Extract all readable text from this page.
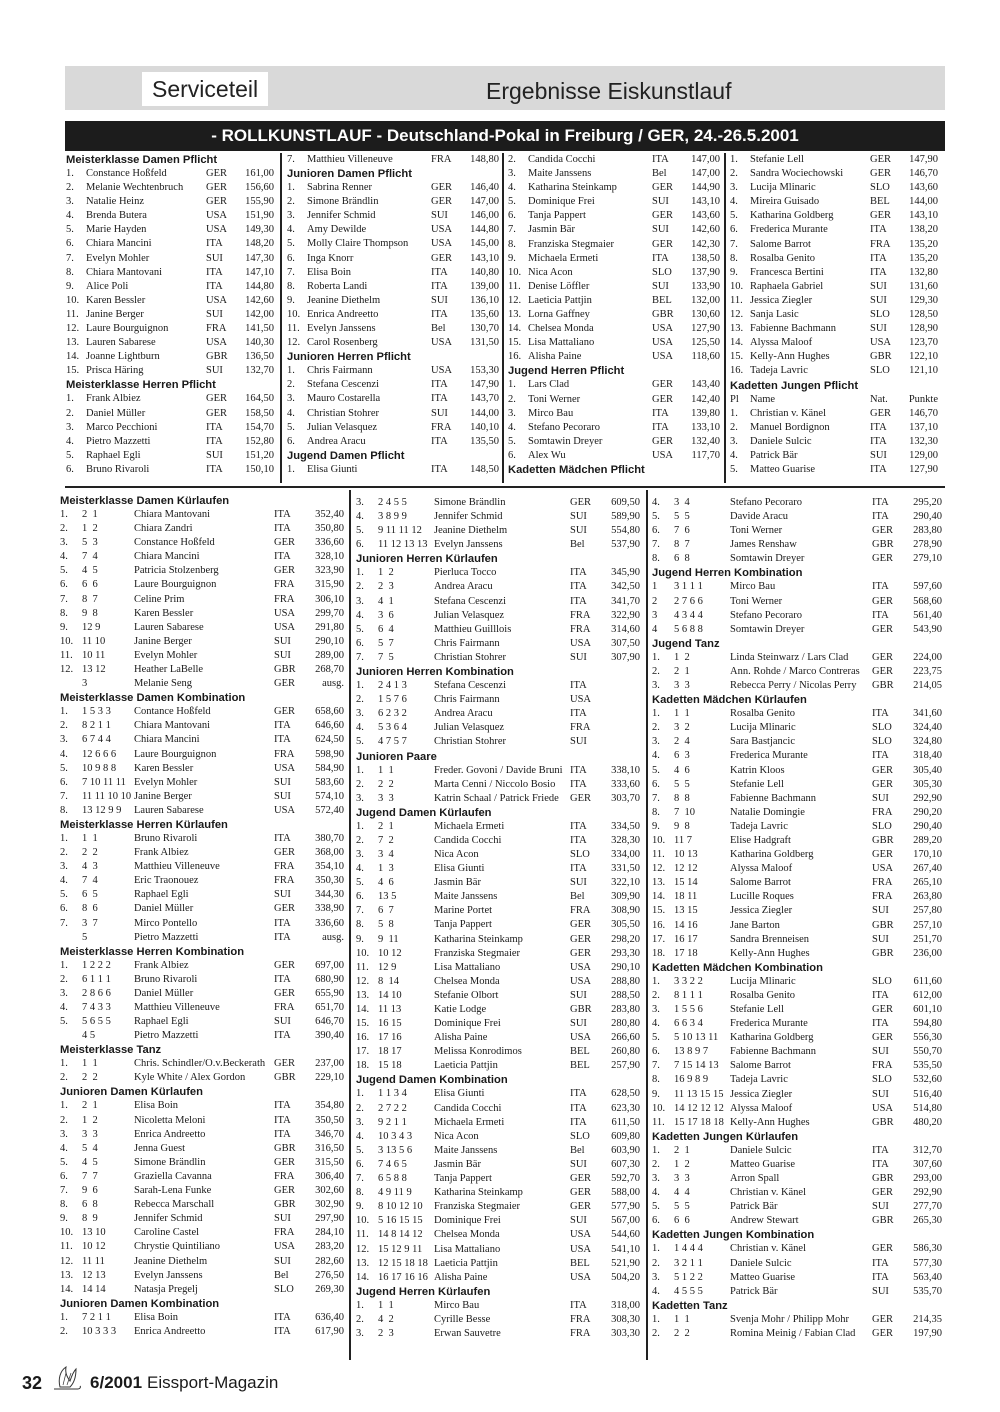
Serviceteil	Ergebnisse Eiskunstlauf
- ROLLKUNSTLAUF - Deutschland-Pokal in Freiburg / GER, 24.-26.5.2001
Meisterklasse Damen Pflicht
1.	Constance Hoßfeld	GER	161,00
2.	Melanie Wechtenbruch	GER	156,60
3.	Natalie Heinz	GER	155,90
4.	Brenda Butera	USA	151,90
5.	Marie Hayden	USA	149,30
6.	Chiara Mancini	ITA	148,20
7.	Evelyn Mohler	SUI	147,30
8.	Chiara Mantovani	ITA	147,10
9.	Alice Poli	ITA	144,80
10. Karen Bessler	USA	142,60
11. Janine Berger	SUI	142,00
12. Laure Bourguignon	FRA	141,50
13. Lauren Sabarese	USA	140,30
14. Joanne Lightburn	GBR	136,50
15. Prisca Häring	SUI	132,70
Meisterklasse Herren Pflicht
1.	Frank Albiez	GER	164,50
2.	Daniel Müller	GER	158,50
3.	Marco Pecchioni	ITA	154,70
4.	Pietro Mazzetti	ITA	152,80
5.	Raphael Egli	SUI	151,20
6.	Bruno Rivaroli	ITA	150,10
7.	Matthieu Villeneuve	FRA	148,80
Junioren Damen Pflicht
1.	Sabrina Renner	GER	146,40
2.	Simone Brändlin	GER	147,00
3.	Jennifer Schmid	SUI	146,00
4.	Amy Dewilde	USA	144,80
5.	Molly Claire Thompson	USA	145,00
6.	Inga Knorr	GER	143,10
7.	Elisa Boin	ITA	140,80
8.	Roberta Landi	ITA	139,00
9.	Jeanine Diethelm	SUI	136,10
10. Enrica Andreetto	ITA	135,60
11. Evelyn Janssens	Bel	130,70
12. Carol Rosenberg	USA	131,50
Junioren Herren Pflicht
1.	Chris Fairmann	USA	153,30
2.	Stefana Cescenzi	ITA	147,90
3.	Mauro Costarella	ITA	143,70
4.	Christian Stohrer	SUI	144,00
5.	Julian Velasquez	FRA	140,10
6.	Andrea Aracu	ITA	135,50
Jugend Damen Pflicht
1.	Elisa Giunti	ITA	148,50
2.	Candida Cocchi	ITA	147,00
3.	Maite Janssens	Bel	147,00
4.	Katharina Steinkamp	GER	144,90
5.	Dominique Frei	SUI	143,10
6.	Tanja Pappert	GER	143,60
7.	Jasmin Bär	SUI	142,60
8.	Franziska Stegmaier	GER	142,30
9.	Michaela Ermeti	ITA	138,50
10. Nica Acon	SLO	137,90
11. Denise Löffler	SUI	133,90
12. Laeticia Pattjin	BEL	132,00
13. Lorna Gaffney	GBR	130,60
14. Chelsea Monda	USA	127,90
15. Lisa Mattaliano	USA	125,50
16. Alisha Paine	USA	118,60
Jugend Herren Pflicht
1.	Lars Clad	GER	143,40
2.	Toni Werner	GER	142,40
3.	Mirco Bau	ITA	139,80
4.	Stefano Pecoraro	ITA	133,10
5.	Somtawin Dreyer	GER	132,40
6.	Alex Wu	USA	117,70
Kadetten Mädchen Pflicht
1.	Stefanie Lell	GER	147,90
2.	Sandra Wociechowski	GER	146,70
3.	Lucija Mlinaric	SLO	143,60
4.	Mireira Guisado	BEL	144,00
5.	Katharina Goldberg	GER	143,10
6.	Frederica Murante	ITA	138,20
7.	Salome Barrot	FRA	135,20
8.	Rosalba Genito	ITA	135,20
9.	Francesca Bertini	ITA	132,80
10. Raphaela Gabriel	SUI	131,60
11. Jessica Ziegler	SUI	129,30
12. Sanja Lasic	SLO	128,50
13. Fabienne Bachmann	SUI	128,90
14. Alyssa Maloof	USA	123,70
15. Kelly-Ann Hughes	GBR	122,10
16. Tadeja Lavric	SLO	121,10
Kadetten Jungen Pflicht
Pl	Name	Nat.	Punkte
1.	Christian v. Känel	GER	146,70
2.	Manuel Bordignon	ITA	137,10
3.	Daniele Sulcic	ITA	132,30
4.	Patrick Bär	SUI	129,00
5.	Matteo Guarise	ITA	127,90
Meisterklasse Damen Kürlaufen
1.	2  1	Chiara Mantovani	ITA	352,40
2.	1  2	Chiara Zandri	ITA	350,80
3.	5  3	Constance Hoßfeld	GER	336,60
4.	7  4	Chiara Mancini	ITA	328,10
5.	4  5	Patricia Stolzenberg	GER	323,90
6.	6  6	Laure Bourguignon	FRA	315,90
7.	8  7	Celine Prim	FRA	306,10
8.	9  8	Karen Bessler	USA	299,70
9.	12 9	Lauren Sabarese	USA	291,80
10. 11 10	Janine Berger	SUI	290,10
11. 10 11	Evelyn Mohler	SUI	289,00
12. 13 12	Heather LaBelle	GBR	268,70
3	Melanie Seng	GER	ausg.
Meisterklasse Damen Kombination
1.	1 5 3 3	Contance Hoßfeld	GER	658,60
2.	8 2 1 1	Chiara Mantovani	ITA	646,60
3.	6 7 4 4	Chiara Mancini	ITA	624,50
4.	12 6 6 6	Laure Bourguignon	FRA	598,90
5.	10 9 8 8	Karen Bessler	USA	584,90
6.	7 10 11 11 Evelyn Mohler	SUI	583,60
7.	11 11 10 10 Janine Berger	SUI	574,10
8.	13 12 9 9	Lauren Sabarese	USA	572,40
Meisterklasse Herren Kürlaufen
1.	1  1	Bruno Rivaroli	ITA	380,70
2.	2  2	Frank Albiez	GER	368,00
3.	4  3	Matthieu Villeneuve	FRA	354,10
4.	7  4	Eric Traonouez	FRA	350,30
5.	6  5	Raphael Egli	SUI	344,30
6.	8  6	Daniel Müller	GER	338,90
7.	3  7	Mirco Pontello	ITA	336,60
5	Pietro Mazzetti	ITA	ausg.
Meisterklasse Herren Kombination
1.	1 2 2 2	Frank Albiez	GER	697,00
2.	6 1 1 1	Bruno Rivaroli	ITA	680,90
3.	2 8 6 6	Daniel Müller	GER	655,90
4.	7 4 3 3	Matthieu Villeneuve	FRA	651,70
5.	5 6 5 5	Raphael Egli	SUI	646,70
4 5	Pietro Mazzetti	ITA	390,40
Meisterklasse Tanz
1.	1  1	Chris. Schindler/O.v.Beckerath GER	237,00
2.	2  2	Kyle White / Alex Gordon	GBR	229,10
Junioren Damen Kürlaufen
1.	2  1	Elisa Boin	ITA	354,80
2.	1  2	Nicoletta Meloni	ITA	350,50
3.	3  3	Enrica Andreetto	ITA	346,70
4.	5  4	Jenna Guest	GBR	316,50
5.	4  5	Simone Brändlin	GER	315,50
6.	7  7	Graziella Cavanna	FRA	306,40
7.	9  6	Sarah-Lena Funke	GER	302,60
8.	6  8	Rebecca Marschall	GBR	302,90
9.	8  9	Jennifer Schmid	SUI	297,90
10. 13 10	Caroline Castel	FRA	284,10
11. 10 12	Chrystie Quintiliano	USA	283,20
12. 11 11	Jeanine Diethelm	SUI	282,60
13. 12 13	Evelyn Janssens	Bel	276,50
14. 14 14	Natasja Pregelj	SLO	269,30
Junioren Damen Kombination
1.	7 2 1 1	Elisa Boin	ITA	636,40
2.	10 3 3 3	Enrica Andreetto	ITA	617,90
3.	2 4 5 5	Simone Brändlin	GER	609,50
4.	3 8 9 9	Jennifer Schmid	SUI	589,90
5.	9 11 11 12	Jeanine Diethelm	SUI	554,80
6.	11 12 13 13 Evelyn Janssens	Bel	537,90
Junioren Herren Kürlaufen
1.	1  2	Pierluca Tocco	ITA	345,90
2.	2  3	Andrea Aracu	ITA	342,50
3.	4  1	Stefana Cescenzi	ITA	341,70
4.	3  6	Julian Velasquez	FRA	322,90
5.	6  4	Matthieu Guilllois	FRA	314,60
6.	5  7	Chris Fairmann	USA	307,50
7.	7  5	Christian Stohrer	SUI	307,90
Junioren Herren Kombination
1.	2 4 1 3	Stefana Cescenzi	ITA
2.	1 5 7 6	Chris Fairmann	USA
3.	6 2 3 2	Andrea Aracu	ITA
4.	5 3 6 4	Julian Velasquez	FRA
5.	4 7 5 7	Christian Stohrer	SUI
Junioren Paare
1.	1  1	Freder. Govoni / Davide Bruni ITA	338,10
2.	2  2	Marta Cenni / Niccolo Bosio	ITA	333,60
3.	3  3	Katrin Schaal / Patrick Friede	GER	303,70
Jugend Damen Kürlaufen
1.	2  1	Michaela Ermeti	ITA	334,50
2.	7  2	Candida Cocchi	ITA	328,30
3.	3  4	Nica Acon	SLO	334,00
4.	1  3	Elisa Giunti	ITA	331,50
5.	4  6	Jasmin Bär	SUI	322,10
6.	13 5	Maite Janssens	Bel	309,90
7.	6  7	Marine Portet	FRA	308,90
8.	5  8	Tanja Pappert	GER	305,50
9.	9  11	Katharina Steinkamp	GER	298,20
10. 10 12	Franziska Stegmaier	GER	293,30
11. 12 9	Lisa Mattaliano	USA	290,10
12. 8  14	Chelsea Monda	USA	288,80
13. 14 10	Stefanie Olbort	SUI	288,50
14. 11 13	Katie Lodge	GBR	283,80
15. 16 15	Dominique Frei	SUI	280,80
16. 17 16	Alisha Paine	USA	266,60
17. 18 17	Melissa Konrodimos	BEL	260,80
18. 15 18	Laeticia Pattjin	BEL	257,90
Jugend Damen Kombination
1.	1 1 3 4	Elisa Giunti	ITA	628,50
2.	2 7 2 2	Candida Cocchi	ITA	623,30
3.	9 2 1 1	Michaela Ermeti	ITA	611,50
4.	10 3 4 3	Nica Acon	SLO	609,80
5.	3 13 5 6	Maite Janssens	Bel	603,90
6.	7 4 6 5	Jasmin Bär	SUI	607,30
7.	6 5 8 8	Tanja Pappert	GER	592,70
8.	4 9 11 9	Katharina Steinkamp	GER	588,00
9.	8 10 12 10	Franziska Stegmaier	GER	577,90
10. 5 16 15 15	Dominique Frei	SUI	567,00
11. 14 8 14 12	Chelsea Monda	USA	544,60
12. 15 12 9 11	Lisa Mattaliano	USA	541,10
13. 12 15 18 18 Laeticia Pattjin	BEL	521,90
14. 16 17 16 16 Alisha Paine	USA	504,20
Jugend Herren Kürlaufen
1.	1  1	Mirco Bau	ITA	318,00
2.	4  2	Cyrille Besse	FRA	308,30
3.	2  3	Erwan Sauvetre	FRA	303,30
4.	3  4	Stefano Pecoraro	ITA	295,20
5.	5  5	Davide Aracu	ITA	290,40
6.	7  6	Toni Werner	GER	283,80
7.	8  7	James Renshaw	GBR	278,90
8.	6  8	Somtawin Dreyer	GER	279,10
Jugend Herren Kombination
1	3 1 1 1	Mirco Bau	ITA	597,60
2	2 7 6 6	Toni Werner	GER	568,60
3	4 3 4 4	Stefano Pecoraro	ITA	561,40
4	5 6 8 8	Somtawin Dreyer	GER	543,90
Jugend Tanz
1.	1  2	Linda Steinwarz / Lars Clad	GER	224,00
2.	2  1	Ann. Rohde / Marco Contreras	GER	223,75
3.	3  3	Rebecca Perry / Nicolas Perry	GBR	214,05
Kadetten Mädchen Kürlaufen
1.	1  1	Rosalba Genito	ITA	341,60
2.	3  2	Lucija Mlinaric	SLO	324,40
3.	2  4	Sara Bastjancic	SLO	324,80
4.	6  3	Frederica Murante	ITA	318,40
5.	4  6	Katrin Kloos	GER	305,40
6.	5  5	Stefanie Lell	GER	305,30
7.	8  8	Fabienne Bachmann	SUI	292,90
8.	7  10	Natalie Domingie	FRA	290,20
9.	9  8	Tadeja Lavric	SLO	290,40
10. 11 7	Elise Hadgraft	GBR	289,20
11. 10 13	Katharina Goldberg	GER	170,10
12. 12 12	Alyssa Maloof	USA	267,40
13. 15 14	Salome Barrot	FRA	265,10
14. 18 11	Lucille Roques	FRA	263,80
15. 13 15	Jessica Ziegler	SUI	257,80
16. 14 16	Jane Barton	GBR	257,10
17. 16 17	Sandra Brenneisen	SUI	251,70
18. 17 18	Kelly-Ann Hughes	GBR	236,00
Kadetten Mädchen Kombination
1.	3 3 2 2	Lucija Mlinaric	SLO	611,60
2.	8 1 1 1	Rosalba Genito	ITA	612,00
3.	1 5 5 6	Stefanie Lell	GER	601,10
4.	6 6 3 4	Frederica Murante	ITA	594,80
5.	5 10 13 11	Katharina Goldberg	GER	556,30
6.	13 8 9 7	Fabienne Bachmann	SUI	550,70
7.	7 15 14 13	Salome Barrot	FRA	535,50
8.	16 9 8 9	Tadeja Lavric	SLO	532,60
9.	11 13 15 15 Jessica Ziegler	SUI	516,40
10. 14 12 12 12 Alyssa Maloof	USA	514,80
11. 15 17 18 18 Kelly-Ann Hughes	GBR	480,20
Kadetten Jungen Kürlaufen
1.	2  1	Daniele Sulcic	ITA	312,70
2.	1  2	Matteo Guarise	ITA	307,60
3.	3  3	Arron Spall	GBR	293,00
4.	4  4	Christian v. Känel	GER	292,90
5.	5  5	Patrick Bär	SUI	277,70
6.	6  6	Andrew Stewart	GBR	265,30
Kadetten Jungen Kombination
1.	1 4 4 4	Christian v. Känel	GER	586,30
2.	3 2 1 1	Daniele Sulcic	ITA	577,30
3.	5 1 2 2	Matteo Guarise	ITA	563,40
4.	4 5 5 5	Patrick Bär	SUI	535,70
Kadetten Tanz
1.	1  1	Svenja Mohr / Philipp Mohr	GER	214,35
2.	2  2	Romina Meinig / Fabian Clad	GER	197,90
32	6/2001 Eissport-Magazin
